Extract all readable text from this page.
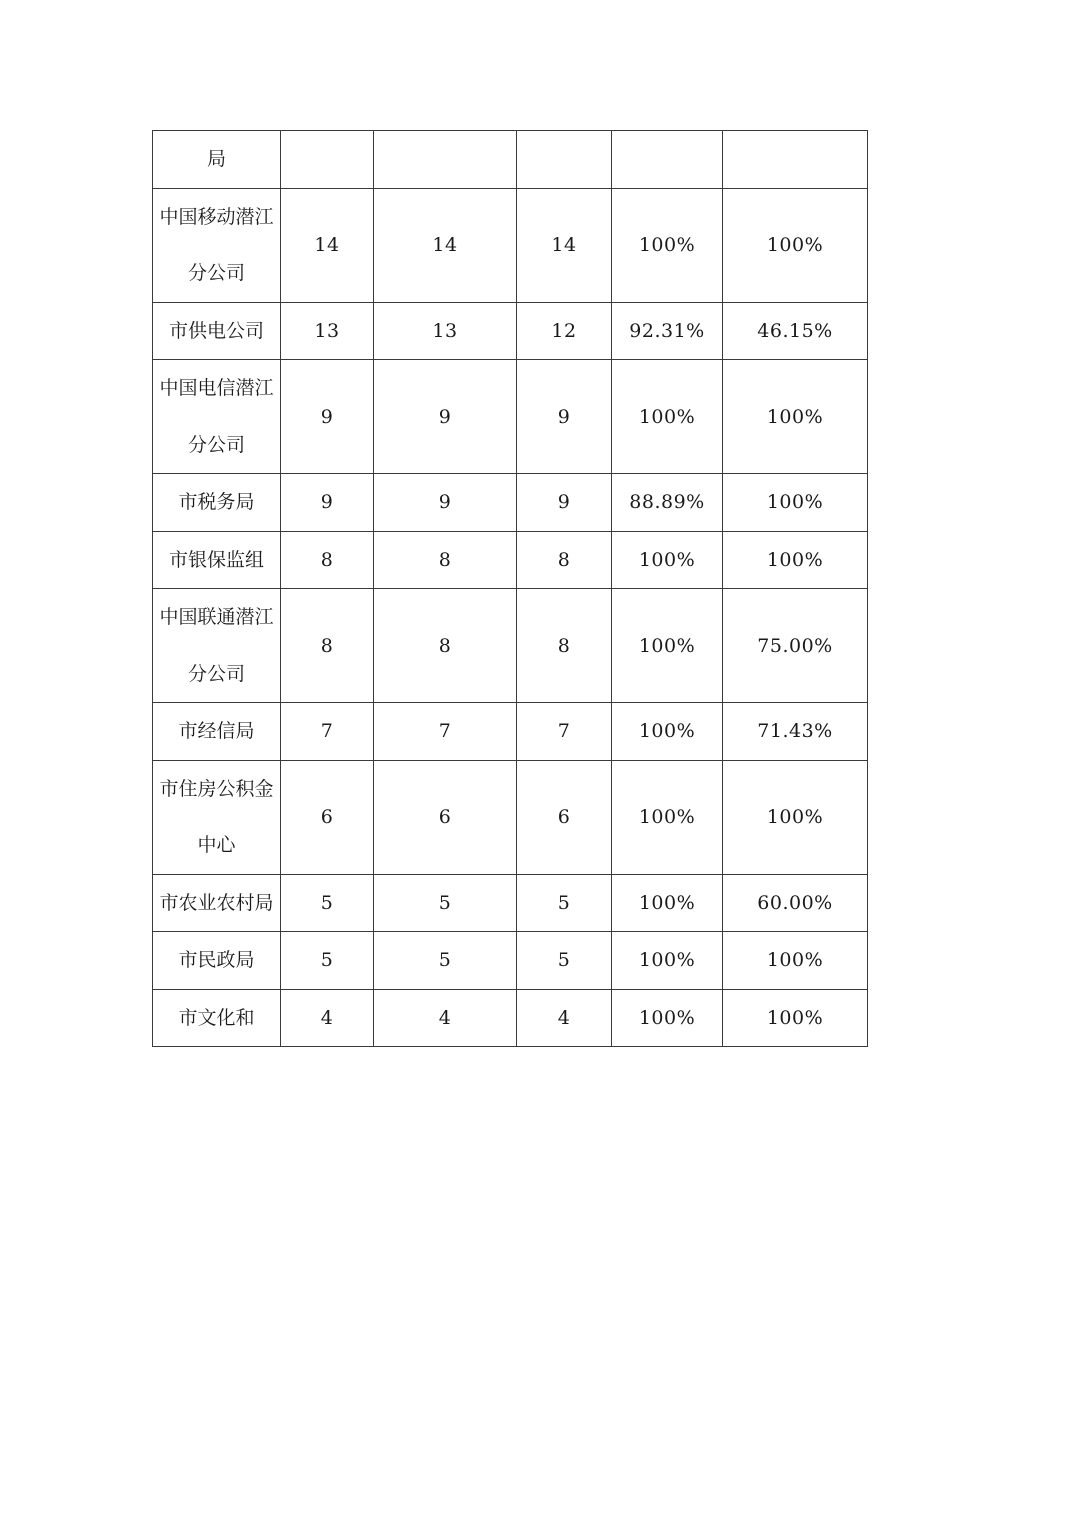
局					
中国移动潜江分公司	14	14	14	100%	100%
市供电公司	13	13	12	92.31%	46.15%
中国电信潜江分公司	9	9	9	100%	100%
市税务局	9	9	9	88.89%	100%
市银保监组	8	8	8	100%	100%
中国联通潜江分公司	8	8	8	100%	75.00%
市经信局	7	7	7	100%	71.43%
市住房公积金中心	6	6	6	100%	100%
市农业农村局	5	5	5	100%	60.00%
市民政局	5	5	5	100%	100%
市文化和	4	4	4	100%	100%
